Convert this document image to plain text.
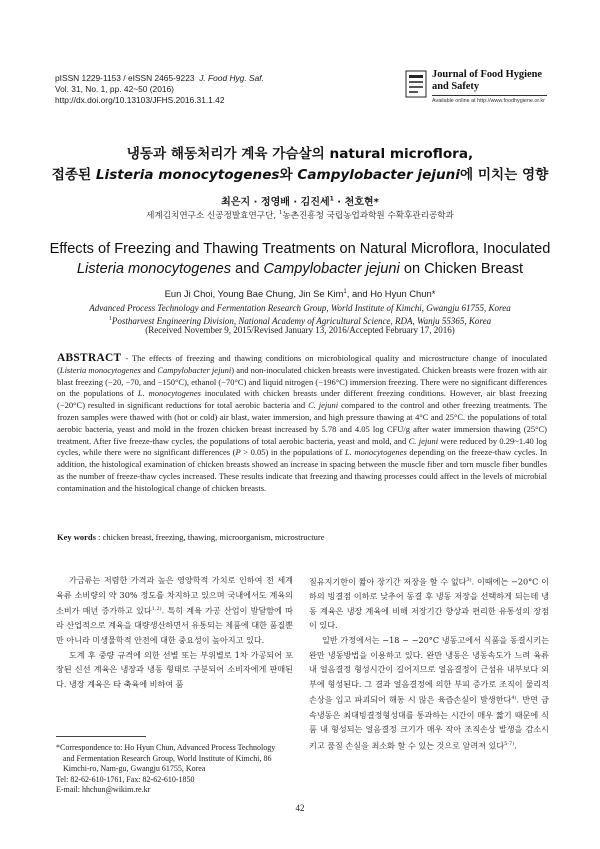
pISSN 1229-1153 / eISSN 2465-9223 J. Food Hyg. Saf.
Vol. 31, No. 1, pp. 42~50 (2016)
http://dx.doi.org/10.13103/JFHS.2016.31.1.42
Journal of Food Hygiene
and Safety
Available online at http://www.foodhygiene.or.kr
냉동과 해동처리가 계육 가슴살의 natural microflora,
접종된 Listeria monocytogenes와 Campylobacter jejuni에 미치는 영향
최은지 · 정영배 · 김진세$^1$ · 천호현*
세계김치연구소 신공정발효연구단, $^1$농촌진흥청 국립농업과학원 수확후관리공학과
Effects of Freezing and Thawing Treatments on Natural Microflora, Inoculated
Listeria monocytogenes and Campylobacter jejuni on Chicken Breast
Eun Ji Choi, Young Bae Chung, Jin Se Kim$^1$, and Ho Hyun Chun*
Advanced Process Technology and Fermentation Research Group, World Institute of Kimchi, Gwangju 61755, Korea
$^1$Postharvest Engineering Division, National Academy of Agricultural Science, RDA, Wanju 55365, Korea
(Received November 9, 2015/Revised January 13, 2016/Accepted February 17, 2016)
ABSTRACT - The effects of freezing and thawing conditions on microbiological quality and microstructure change of inoculated (Listeria monocytogenes and Campylobacter jejuni) and non-inoculated chicken breasts were investigated. Chicken breasts were frozen with air blast freezing (−20, −70, and −150°C), ethanol (−70°C) and liquid nitrogen (−196°C) immersion freezing. There were no significant differences on the populations of L. monocytogenes inoculated with chicken breasts under different freezing conditions. However, air blast freezing (−20°C) resulted in significant reductions for total aerobic bacteria and C. jejuni compared to the control and other freezing treatments. The frozen samples were thawed with (hot or cold) air blast, water immersion, and high pressure thawing at 4°C and 25°C. the populations of total aerobic bacteria, yeast and mold in the frozen chicken breast increased by 5.78 and 4.05 log CFU/g after water immersion thawing (25°C) treatment. After five freeze-thaw cycles, the populations of total aerobic bacteria, yeast and mold, and C. jejuni were reduced by 0.29~1.40 log cycles, while there were no significant differences (P > 0.05) in the populations of L. monocytogenes depending on the freeze-thaw cycles. In addition, the histological examination of chicken breasts showed an increase in spacing between the muscle fiber and torn muscle fiber bundles as the number of freeze-thaw cycles increased. These results indicate that freezing and thawing processes could affect in the levels of microbial contamination and the histological change of chicken breasts.
Key words : chicken breast, freezing, thawing, microorganism, microstructure

가금류는 저렴한 가격과 높은 영양학적 가치로 인하여 전 세계 육류 소비량의 약 30% 정도를 차지하고 있으며 국내에서도 계육의 소비가 매년 증가하고 있다$^{1,2)}$. 특히 계육 가공 산업이 발달함에 따라 산업적으로 계육을 대량생산하면서 유통되는 제품에 대한 품질뿐만 아니라 미생물학적 안전에 대한 중요성이 높아지고 있다.

도계 후 중량 규격에 의한 선별 또는 부위별로 1차 가공되어 포장된 신선 계육은 냉장과 냉동 형태로 구분되어 소비자에게 판매된다. 냉장 계육은 타 축육에 비하여 품

질유지기한이 짧아 장기간 저장을 할 수 없다$^{3)}$. 이때에는 −20°C 이하의 빙결점 이하로 낮추어 동결 후 냉동 저장을 선택하게 되는데 냉동 계육은 냉장 계육에 비해 저장기간 향상과 편리한 유통성의 장점이 있다.

일반 가정에서는 −18 ~ −20°C 냉동고에서 식품을 동결시키는 완만 냉동방법을 이용하고 있다. 완만 냉동은 냉동속도가 느려 육류 내 얼음결정 형성시간이 길어지므로 얼음결정이 근섬유 내부보다 외부에 형성된다. 그 결과 얼음결정에 의한 부피 증가로 조직이 물리적 손상을 입고 파괴되어 해동 시 많은 육즙손실이 발생한다$^{4)}$. 반면 급속냉동은 최대빙결정형성대를 통과하는 시간이 매우 짧기 때문에 식품 내 형성되는 얼음결정 크기가 매우 작아 조직손상 발생을 감소시키고 품질 손실을 최소화 할 수 있는 것으로 알려져 있다$^{5-7)}$.

*Correspondence to: Ho Hyun Chun, Advanced Process Technology
and Fermentation Research Group, World Institute of Kimchi, 86
Kimchi-ro, Nam-gu, Gwangju 61755, Korea
Tel: 82-62-610-1761, Fax: 82-62-610-1850
E-mail: hhchun@wikim.re.kr
42
